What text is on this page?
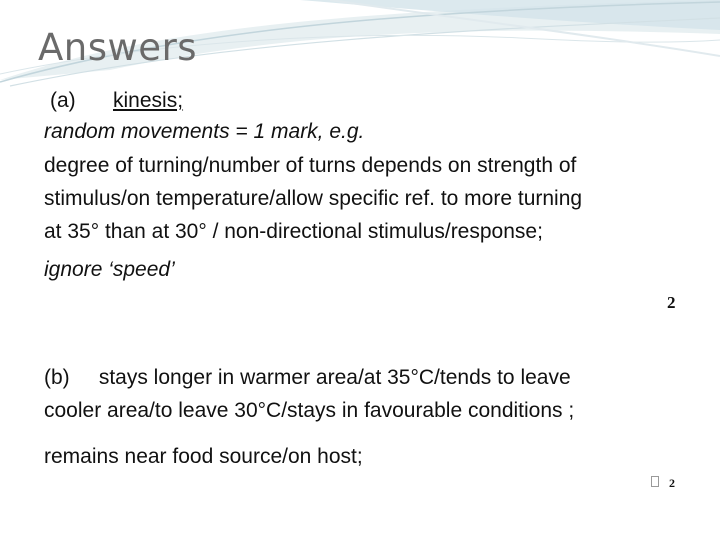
Answers
(a) kinesis;
random movements = 1 mark, e.g.
degree of turning/number of turns depends on strength of
stimulus/on temperature/allow specific ref. to more turning
at 35° than at 30° / non-directional stimulus/response;
ignore ‘speed’
2
(b)     stays longer in warmer area/at 35°C/tends to leave
cooler area/to leave 30°C/stays in favourable conditions ;
remains near food source/on host;
2
